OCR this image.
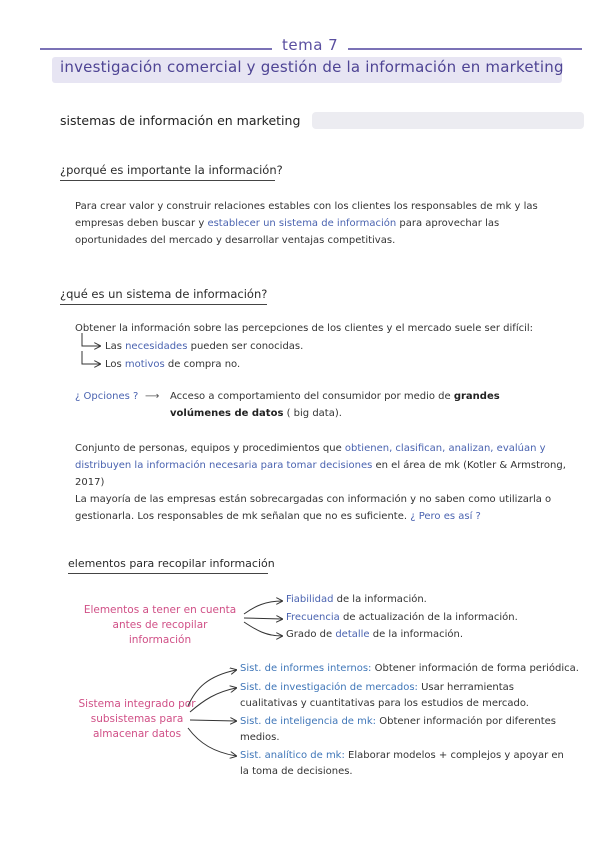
tema 7
investigación comercial y gestión de la información en marketing
sistemas de información en marketing
¿porqué es importante la información?
Para crear valor y construir relaciones estables con los clientes los responsables de mk y las empresas deben buscar y establecer un sistema de información para aprovechar las oportunidades del mercado y desarrollar ventajas competitivas.
¿qué es un sistema de información?
Obtener la información sobre las percepciones de los clientes y el mercado suele ser difícil:
Las necesidades pueden ser conocidas.
Los motivos de compra no.
¿ Opciones ? ⟶ Acceso a comportamiento del consumidor por medio de grandes volúmenes de datos ( big data).
Conjunto de personas, equipos y procedimientos que obtienen, clasifican, analizan, evalúan y distribuyen la información necesaria para tomar decisiones en el área de mk (Kotler & Armstrong, 2017)
La mayoría de las empresas están sobrecargadas con información y no saben como utilizarla o gestionarla. Los responsables de mk señalan que no es suficiente. ¿ Pero es así ?
elementos para recopilar información
Elementos a tener en cuenta antes de recopilar información
Fiabilidad de la información.
Frecuencia de actualización de la información.
Grado de detalle de la información.
Sistema integrado por subsistemas para almacenar datos
Sist. de informes internos: Obtener información de forma periódica.
Sist. de investigación de mercados: Usar herramientas cualitativas y cuantitativas para los estudios de mercado.
Sist. de inteligencia de mk: Obtener información por diferentes medios.
Sist. analítico de mk: Elaborar modelos + complejos y apoyar en la toma de decisiones.
